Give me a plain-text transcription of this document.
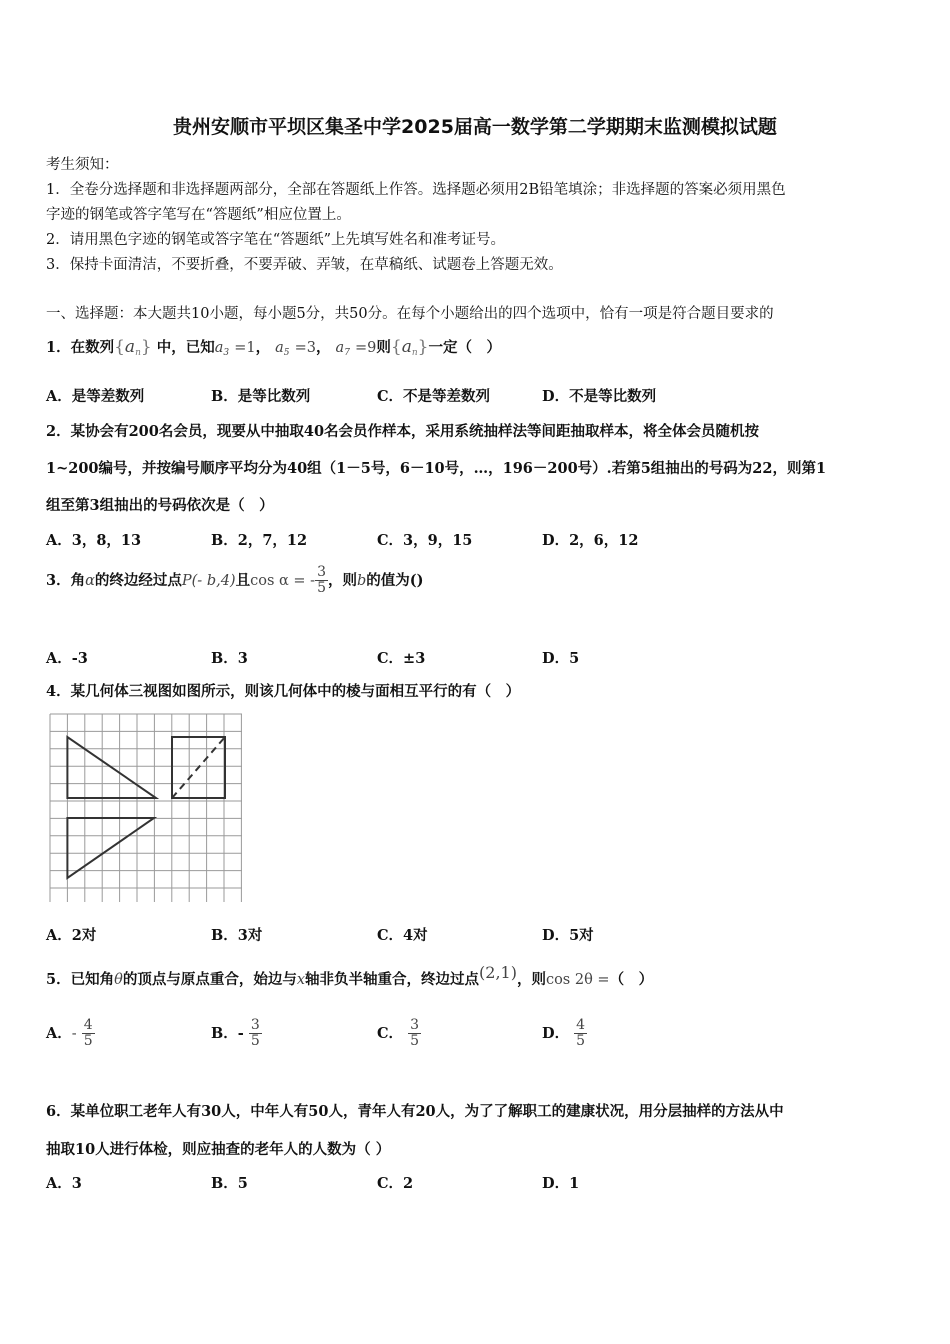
贵州安顺市平坝区集圣中学2025届高一数学第二学期期末监测模拟试题
考生须知：
1．全卷分选择题和非选择题两部分，全部在答题纸上作答。选择题必须用2B铅笔填涂；非选择题的答案必须用黑色
字迹的钢笔或答字笔写在“答题纸”相应位置上。
2．请用黑色字迹的钢笔或答字笔在“答题纸”上先填写姓名和准考证号。
3．保持卡面清洁，不要折叠，不要弄破、弄皱，在草稿纸、试题卷上答题无效。
一、选择题：本大题共10小题，每小题5分，共50分。在每个小题给出的四个选项中，恰有一项是符合题目要求的
1．在数列$\{a_n\}$ 中，已知$a_3 =1$， $a_5 =3$， $a_7 =9$则$\{a_n\}$一定（　）
A．是等差数列	B．是等比数列	C．不是等差数列	D．不是等比数列
2．某协会有200名会员，现要从中抽取40名会员作样本，采用系统抽样法等间距抽取样本，将全体会员随机按
1~200编号，并按编号顺序平均分为40组（1－5号，6－10号，…，196－200号）.若第5组抽出的号码为22，则第1
组至第3组抽出的号码依次是（　）
A．3，8，13	B．2，7，12	C．3，9，15	D．2，6，12
3．角α的终边经过点P(- b,4)且cos α = - $\frac{3}{5}$ ，则b的值为()
A．-3	B．3	C．±3	D．5
4．某几何体三视图如图所示，则该几何体中的棱与面相互平行的有（　）
A．2对	B．3对	C．4对	D．5对
5．已知角θ的顶点与原点重合，始边与x轴非负半轴重合，终边过点(2,1)，则cos 2θ =（　）
A．- $\frac{4}{5}$	B．- $\frac{3}{5}$	C． $\frac{3}{5}$	D． $\frac{4}{5}$
6．某单位职工老年人有30人，中年人有50人，青年人有20人，为了了解职工的建康状况，用分层抽样的方法从中
抽取10人进行体检，则应抽查的老年人的人数为（ ）
A．3	B．5	C．2	D．1
